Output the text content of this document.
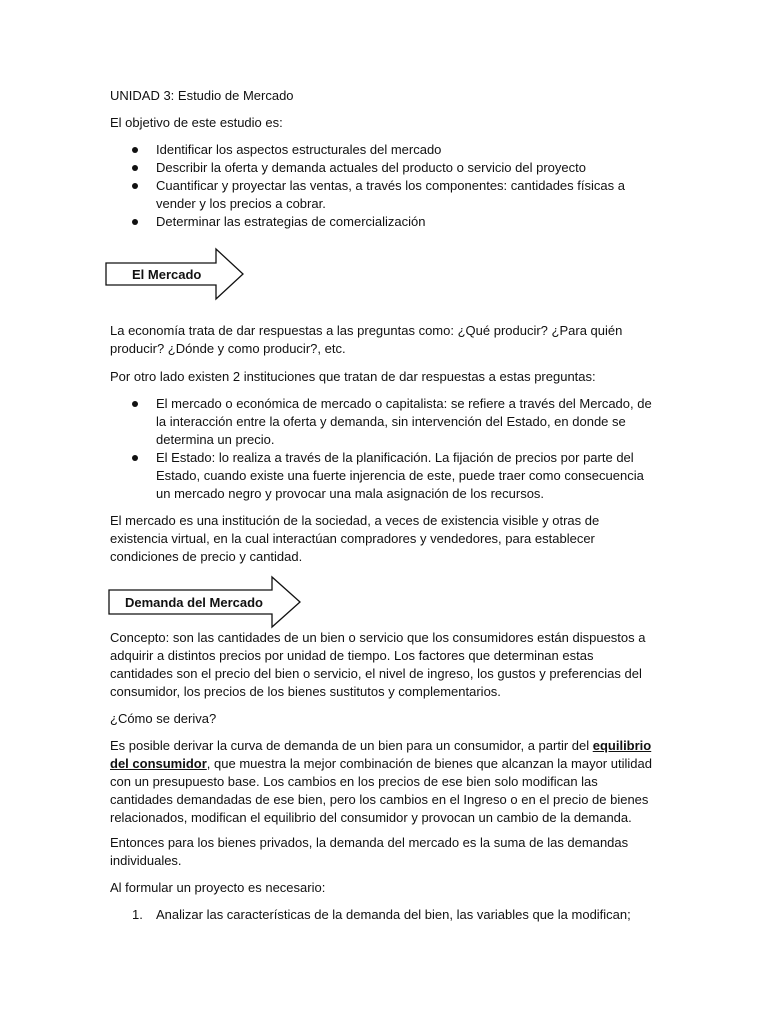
UNIDAD 3: Estudio de Mercado

El objetivo de este estudio es:

Identificar los aspectos estructurales del mercado
Describir la oferta y demanda actuales del producto o servicio del proyecto
Cuantificar y proyectar las ventas, a través los componentes: cantidades físicas a vender y los precios a cobrar.
Determinar las estrategias de comercialización
El Mercado

La economía trata de dar respuestas a las preguntas como: ¿Qué producir? ¿Para quién producir? ¿Dónde y como producir?, etc.

Por otro lado existen 2 instituciones que tratan de dar respuestas a estas preguntas:

El mercado o económica de mercado o capitalista: se refiere a través del Mercado, de la interacción entre la oferta y demanda, sin intervención del Estado, en donde se determina un precio.
El Estado: lo realiza a través de la planificación. La fijación de precios por parte del Estado, cuando existe una fuerte injerencia de este, puede traer como consecuencia un mercado negro y provocar una mala asignación de los recursos.

El mercado es una institución de la sociedad, a veces de existencia visible y otras de existencia virtual, en la cual interactúan compradores y vendedores, para establecer condiciones de precio y cantidad.

Demanda del Mercado

Concepto: son las cantidades de un bien o servicio que los consumidores están dispuestos a adquirir a distintos precios por unidad de tiempo. Los factores que determinan estas cantidades son el precio del bien o servicio, el nivel de ingreso, los gustos y preferencias del consumidor, los precios de los bienes sustitutos y complementarios.

¿Cómo se deriva?

Es posible derivar la curva de demanda de un bien para un consumidor, a partir del equilibrio del consumidor, que muestra la mejor combinación de bienes que alcanzan la mayor utilidad con un presupuesto base. Los cambios en los precios de ese bien solo modifican las cantidades demandadas de ese bien, pero los cambios en el Ingreso o en el precio de bienes relacionados, modifican el equilibrio del consumidor y provocan un cambio de la demanda.

Entonces para los bienes privados, la demanda del mercado es la suma de las demandas individuales.

Al formular un proyecto es necesario:

1. Analizar las características de la demanda del bien, las variables que la modifican;
